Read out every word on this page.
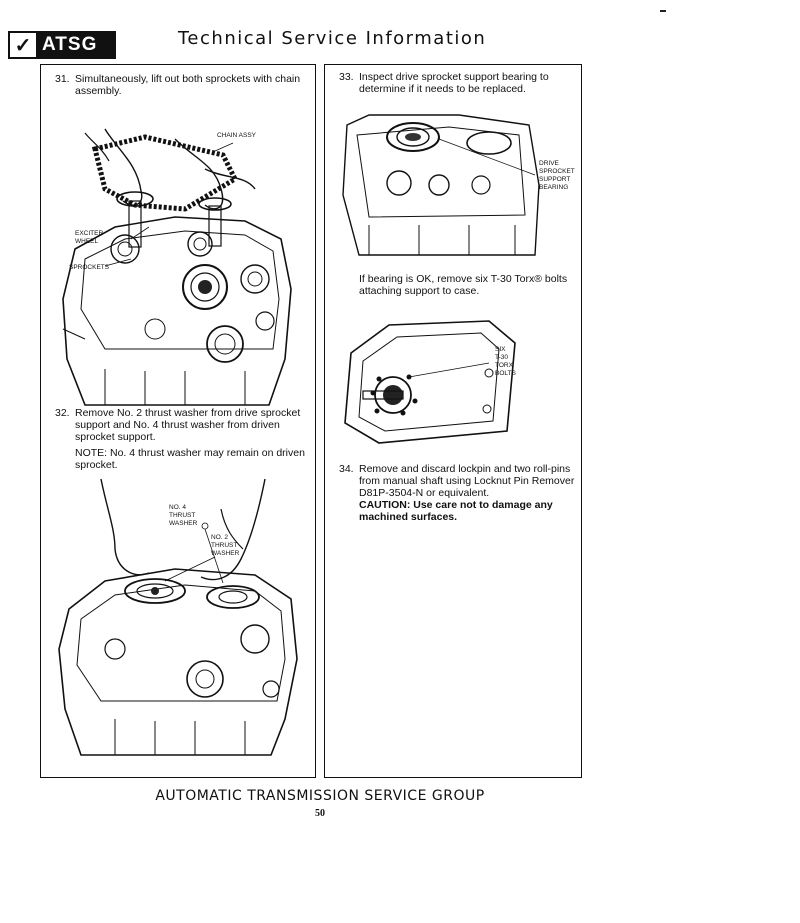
✓ ATSG	Technical Service Information
31. Simultaneously, lift out both sprockets with chain assembly.
CHAIN ASSY
EXCITER
WHEEL
SPROCKETS
32. Remove No. 2 thrust washer from drive sprocket support and No. 4 thrust washer from driven sprocket support.
NOTE: No. 4 thrust washer may remain on driven sprocket.
NO. 4
THRUST
WASHER
NO. 2
THRUST
WASHER
33. Inspect drive sprocket support bearing to determine if it needs to be replaced.
DRIVE
SPROCKET
SUPPORT
BEARING
If bearing is OK, remove six T-30 Torx® bolts attaching support to case.
SIX
T-30
TORX
BOLTS
34. Remove and discard lockpin and two roll-pins from manual shaft using Locknut Pin Remover D81P-3504-N or equivalent.
CAUTION: Use care not to damage any machined surfaces.
AUTOMATIC TRANSMISSION SERVICE GROUP
50
